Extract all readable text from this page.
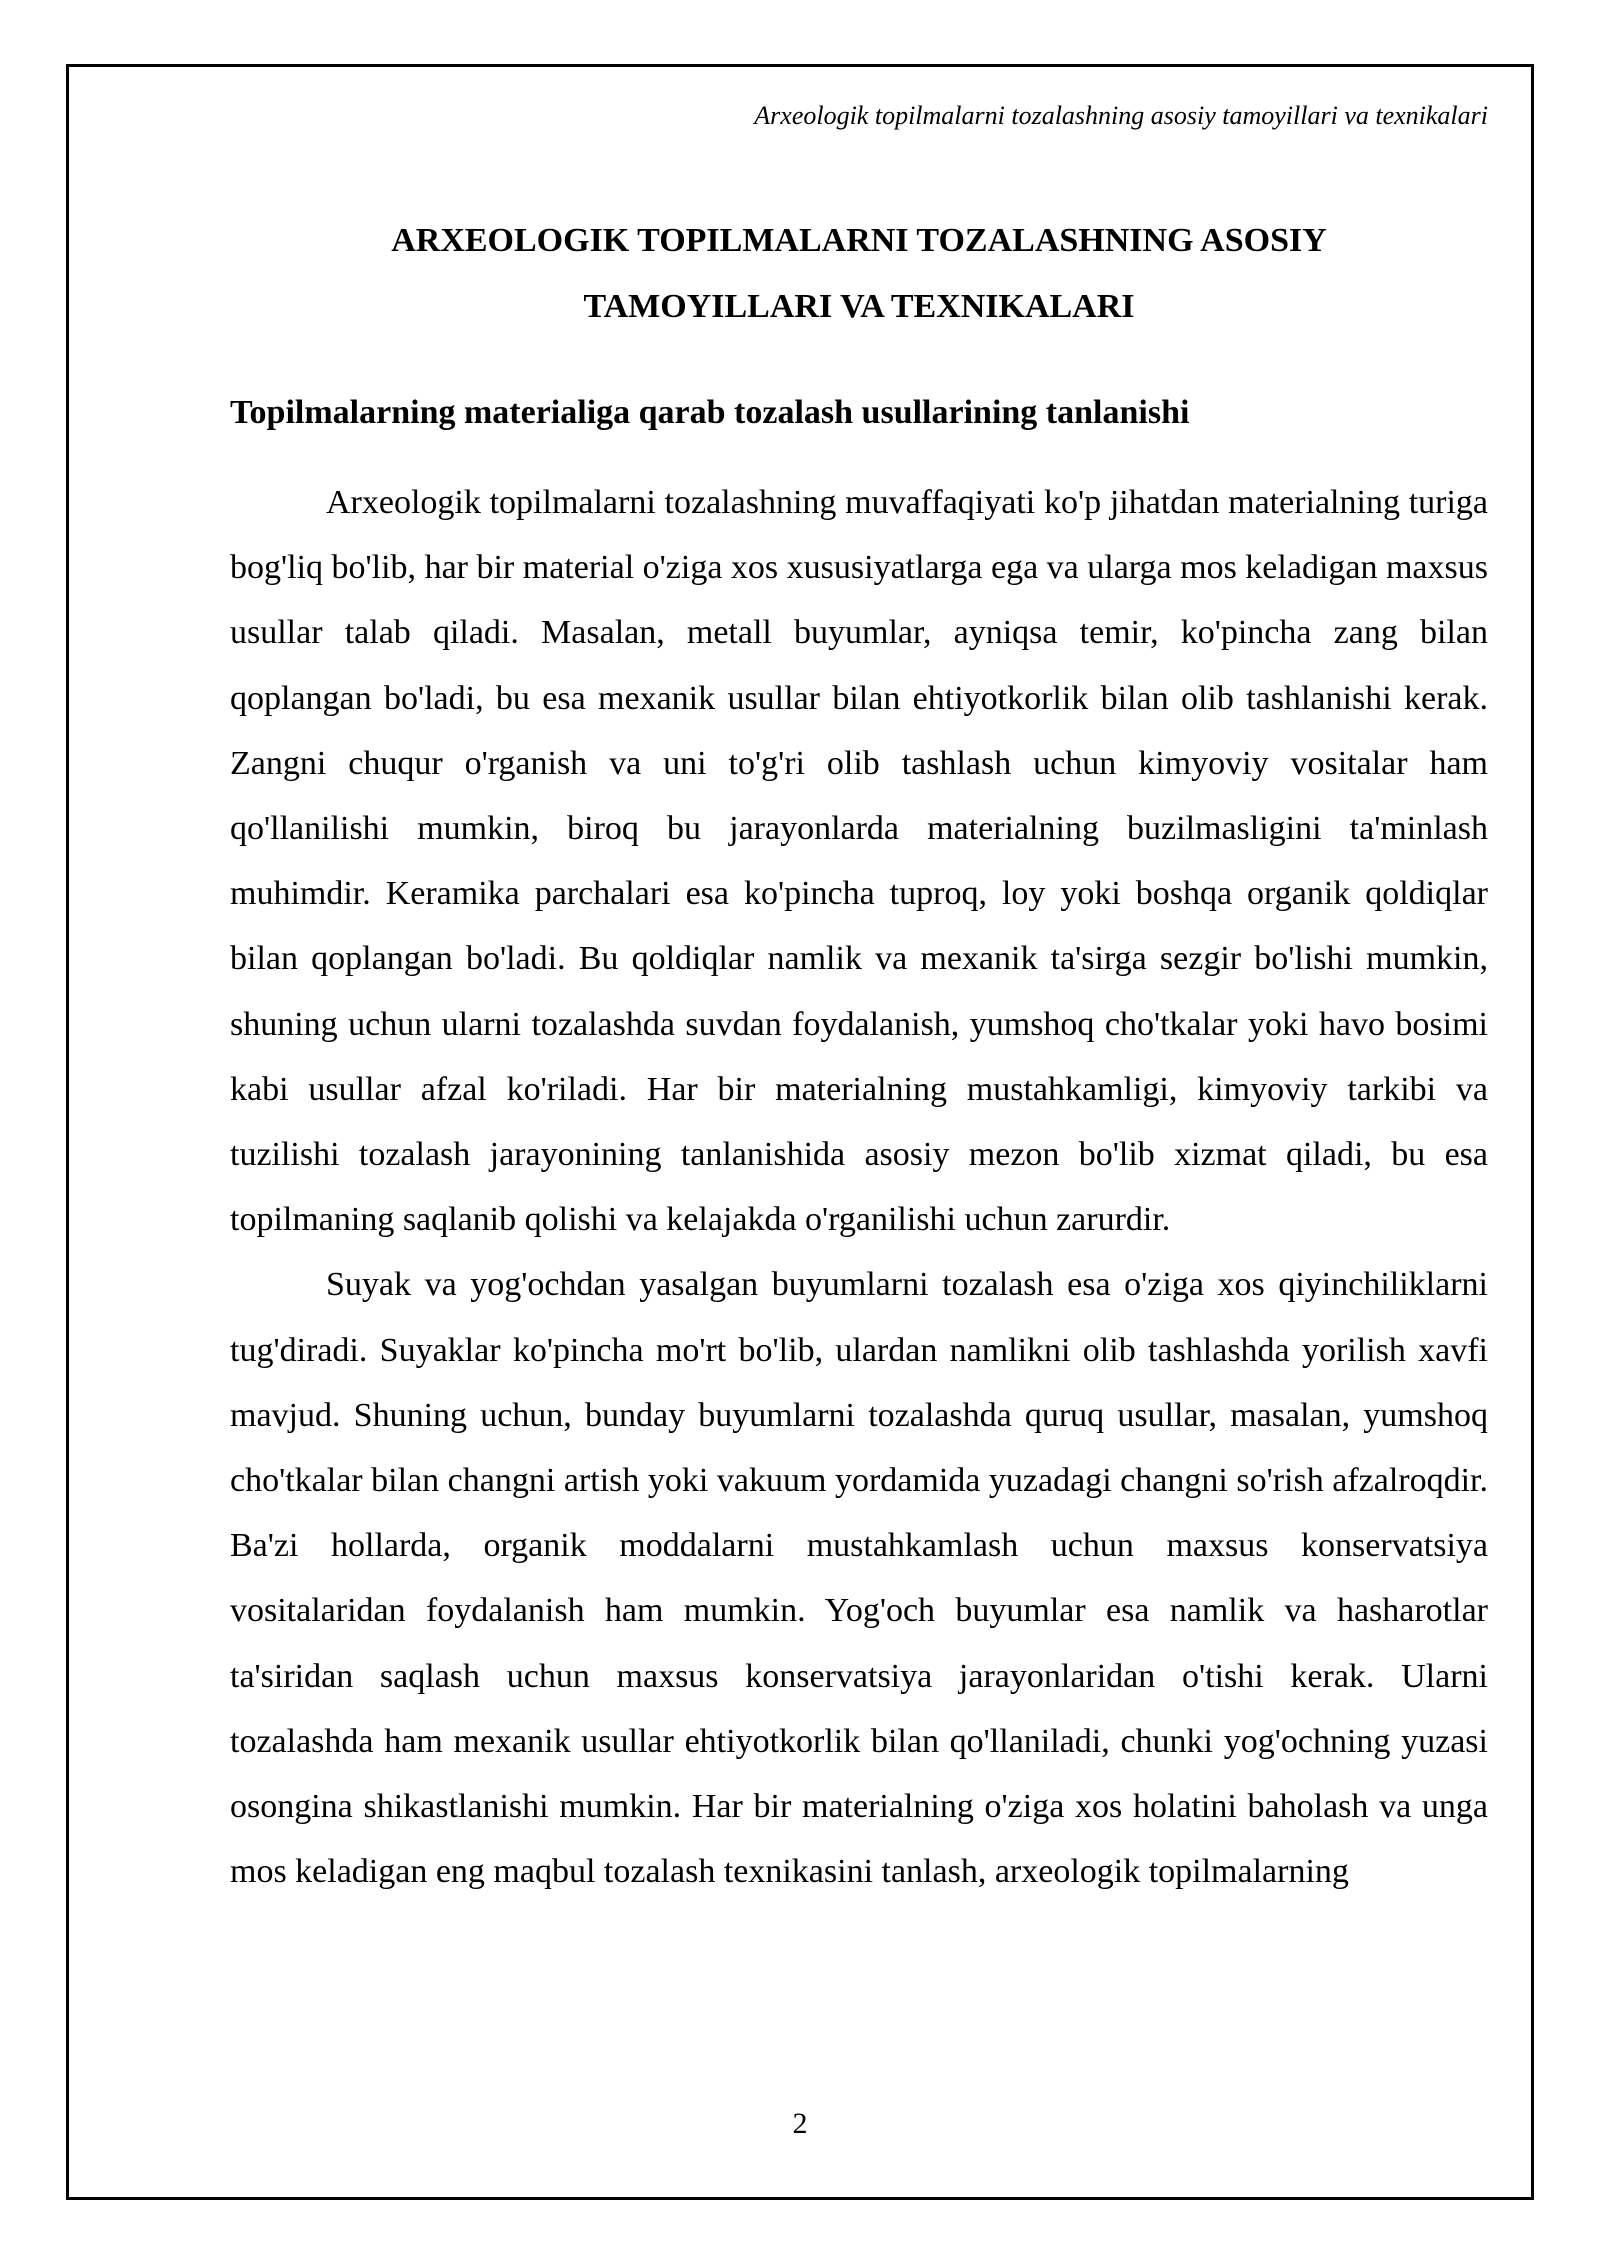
Arxeologik topilmalarni tozalashning asosiy tamoyillari va texnikalari
ARXEOLOGIK TOPILMALARNI TOZALASHNING ASOSIY
TAMOYILLARI VA TEXNIKALARI
Topilmalarning materialiga qarab tozalash usullarining tanlanishi

Arxeologik topilmalarni tozalashning muvaffaqiyati ko'p jihatdan materialning turiga bog'liq bo'lib, har bir material o'ziga xos xususiyatlarga ega va ularga mos keladigan maxsus usullar talab qiladi. Masalan, metall buyumlar, ayniqsa temir, ko'pincha zang bilan qoplangan bo'ladi, bu esa mexanik usullar bilan ehtiyotkorlik bilan olib tashlanishi kerak. Zangni chuqur o'rganish va uni to'g'ri olib tashlash uchun kimyoviy vositalar ham qo'llanilishi mumkin, biroq bu jarayonlarda materialning buzilmasligini ta'minlash muhimdir. Keramika parchalari esa ko'pincha tuproq, loy yoki boshqa organik qoldiqlar bilan qoplangan bo'ladi. Bu qoldiqlar namlik va mexanik ta'sirga sezgir bo'lishi mumkin, shuning uchun ularni tozalashda suvdan foydalanish, yumshoq cho'tkalar yoki havo bosimi kabi usullar afzal ko'riladi. Har bir materialning mustahkamligi, kimyoviy tarkibi va tuzilishi tozalash jarayonining tanlanishida asosiy mezon bo'lib xizmat qiladi, bu esa topilmaning saqlanib qolishi va kelajakda o'rganilishi uchun zarurdir.

Suyak va yog'ochdan yasalgan buyumlarni tozalash esa o'ziga xos qiyinchiliklarni tug'diradi. Suyaklar ko'pincha mo'rt bo'lib, ulardan namlikni olib tashlashda yorilish xavfi mavjud. Shuning uchun, bunday buyumlarni tozalashda quruq usullar, masalan, yumshoq cho'tkalar bilan changni artish yoki vakuum yordamida yuzadagi changni so'rish afzalroqdir. Ba'zi hollarda, organik moddalarni mustahkamlash uchun maxsus konservatsiya vositalaridan foydalanish ham mumkin. Yog'och buyumlar esa namlik va hasharotlar ta'siridan saqlash uchun maxsus konservatsiya jarayonlaridan o'tishi kerak. Ularni tozalashda ham mexanik usullar ehtiyotkorlik bilan qo'llaniladi, chunki yog'ochning yuzasi osongina shikastlanishi mumkin. Har bir materialning o'ziga xos holatini baholash va unga mos keladigan eng maqbul tozalash texnikasini tanlash, arxeologik topilmalarning

2
